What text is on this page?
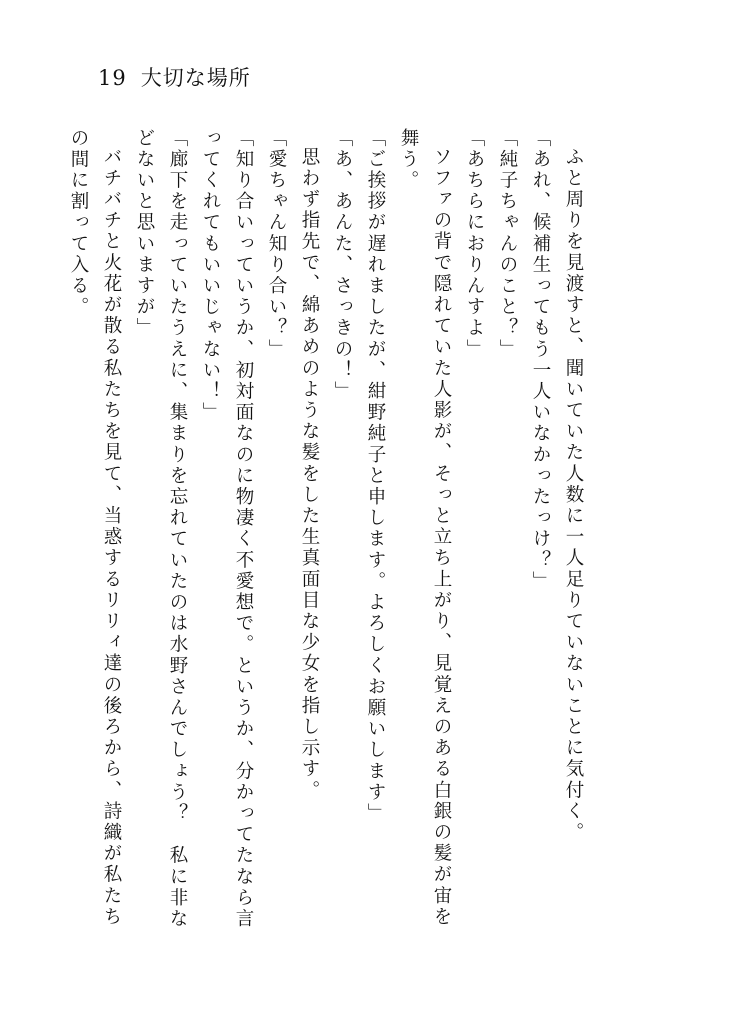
19 大切な場所

ふと周りを見渡すと、聞いていた人数に一人足りていないことに気付く。

「あれ、候補生ってもう一人いなかったっけ？」

「純子ちゃんのこと？」

「あちらにおりんすよ」

ソファの背で隠れていた人影が、そっと立ち上がり、見覚えのある白銀の髪が宙を舞う。

「ご挨拶が遅れましたが、紺野純子と申します。よろしくお願いします」

「あ、あんた、さっきの！」

思わず指先で、綿あめのような髪をした生真面目な少女を指し示す。

「愛ちゃん知り合い？」

「知り合いっていうか、初対面なのに物凄く不愛想で。というか、分かってたなら言ってくれてもいいじゃない！」

「廊下を走っていたうえに、集まりを忘れていたのは水野さんでしょう？　私に非などないと思いますが」

バチバチと火花が散る私たちを見て、当惑するリリィ達の後ろから、詩織が私たちの間に割って入る。
